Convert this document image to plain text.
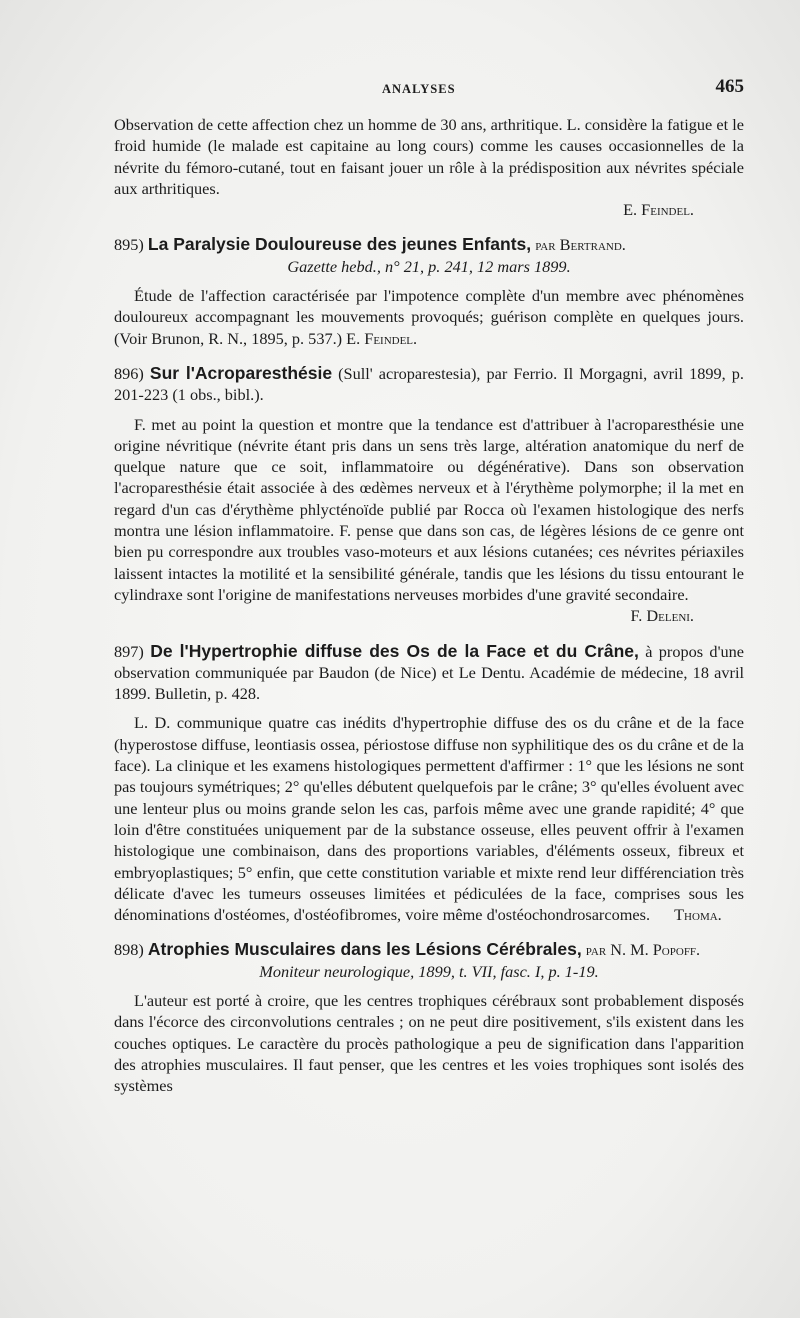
ANALYSES	465

Observation de cette affection chez un homme de 30 ans, arthritique. L. considère la fatigue et le froid humide (le malade est capitaine au long cours) comme les causes occasionnelles de la névrite du fémoro-cutané, tout en faisant jouer un rôle à la prédisposition aux névrites spéciale aux arthritiques.

E. Feindel.

895) La Paralysie Douloureuse des jeunes Enfants, par Bertrand.

Gazette hebd., n° 21, p. 241, 12 mars 1899.

Étude de l'affection caractérisée par l'impotence complète d'un membre avec phénomènes douloureux accompagnant les mouvements provoqués; guérison complète en quelques jours. (Voir Brunon, R. N., 1895, p. 537.) E. Feindel.

896) Sur l'Acroparesthésie (Sull' acroparestesia), par Ferrio. Il Morgagni, avril 1899, p. 201-223 (1 obs., bibl.).

F. met au point la question et montre que la tendance est d'attribuer à l'acroparesthésie une origine névritique (névrite étant pris dans un sens très large, altération anatomique du nerf de quelque nature que ce soit, inflammatoire ou dégénérative). Dans son observation l'acroparesthésie était associée à des œdèmes nerveux et à l'érythème polymorphe; il la met en regard d'un cas d'érythème phlycténoïde publié par Rocca où l'examen histologique des nerfs montra une lésion inflammatoire. F. pense que dans son cas, de légères lésions de ce genre ont bien pu correspondre aux troubles vaso-moteurs et aux lésions cutanées; ces névrites périaxiles laissent intactes la motilité et la sensibilité générale, tandis que les lésions du tissu entourant le cylindraxe sont l'origine de manifestations nerveuses morbides d'une gravité secondaire.

F. Deleni.

897) De l'Hypertrophie diffuse des Os de la Face et du Crâne, à propos d'une observation communiquée par Baudon (de Nice) et Le Dentu. Académie de médecine, 18 avril 1899. Bulletin, p. 428.

L. D. communique quatre cas inédits d'hypertrophie diffuse des os du crâne et de la face (hyperostose diffuse, leontiasis ossea, périostose diffuse non syphilitique des os du crâne et de la face). La clinique et les examens histologiques permettent d'affirmer : 1° que les lésions ne sont pas toujours symétriques; 2° qu'elles débutent quelquefois par le crâne; 3° qu'elles évoluent avec une lenteur plus ou moins grande selon les cas, parfois même avec une grande rapidité; 4° que loin d'être constituées uniquement par de la substance osseuse, elles peuvent offrir à l'examen histologique une combinaison, dans des proportions variables, d'éléments osseux, fibreux et embryoplastiques; 5° enfin, que cette constitution variable et mixte rend leur différenciation très délicate d'avec les tumeurs osseuses limitées et pédiculées de la face, comprises sous les dénominations d'ostéomes, d'ostéofibromes, voire même d'ostéochondrosarcomes. Thoma.

898) Atrophies Musculaires dans les Lésions Cérébrales, par N. M. Popoff.

Moniteur neurologique, 1899, t. VII, fasc. I, p. 1-19.

L'auteur est porté à croire, que les centres trophiques cérébraux sont probablement disposés dans l'écorce des circonvolutions centrales ; on ne peut dire positivement, s'ils existent dans les couches optiques. Le caractère du procès pathologique a peu de signification dans l'apparition des atrophies musculaires. Il faut penser, que les centres et les voies trophiques sont isolés des systèmes
